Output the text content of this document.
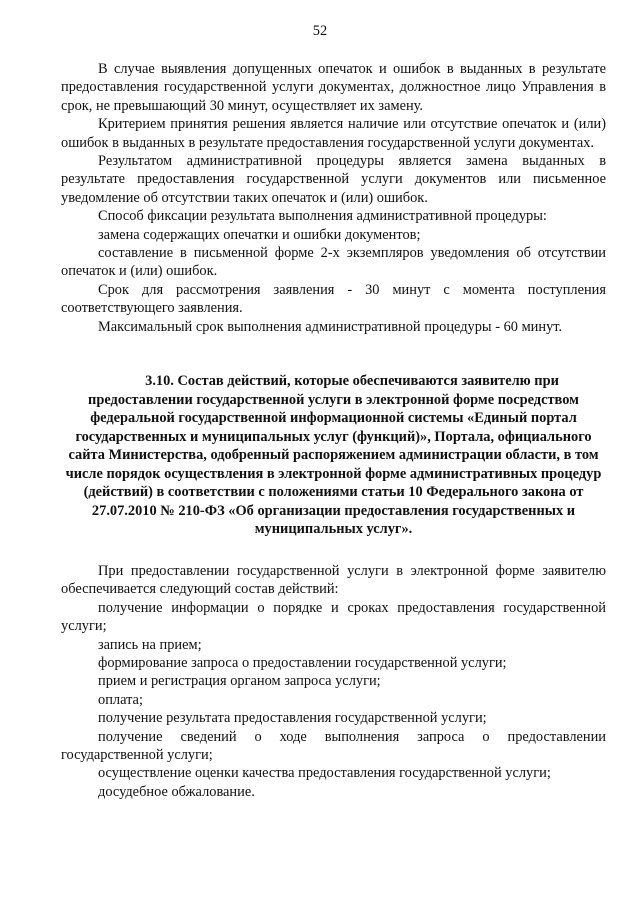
52

В случае выявления допущенных опечаток и ошибок в выданных в результате предоставления государственной услуги документах, должностное лицо Управления в срок, не превышающий 30 минут, осуществляет их замену.

Критерием принятия решения является наличие или отсутствие опечаток и (или) ошибок в выданных в результате предоставления государственной услуги документах.

Результатом административной процедуры является замена выданных в результате предоставления государственной услуги документов или письменное уведомление об отсутствии таких опечаток и (или) ошибок.

Способ фиксации результата выполнения административной процедуры:

замена содержащих опечатки и ошибки документов;

составление в письменной форме 2-х экземпляров уведомления об отсутствии опечаток и (или) ошибок.

Срок для рассмотрения заявления - 30 минут с момента поступления соответствующего заявления.

Максимальный срок выполнения административной процедуры - 60 минут.

3.10. Состав действий, которые обеспечиваются заявителю при предоставлении государственной услуги в электронной форме посредством федеральной государственной информационной системы «Единый портал государственных и муниципальных услуг (функций)», Портала, официального сайта Министерства, одобренный распоряжением администрации области, в том числе порядок осуществления в электронной форме административных процедур (действий) в соответствии с положениями статьи 10 Федерального закона от 27.07.2010 № 210-ФЗ «Об организации предоставления государственных и муниципальных услуг».

При предоставлении государственной услуги в электронной форме заявителю обеспечивается следующий состав действий:

получение информации о порядке и сроках предоставления государственной услуги;

запись на прием;

формирование запроса о предоставлении государственной услуги;

прием и регистрация органом запроса услуги;

оплата;

получение результата предоставления государственной услуги;

получение сведений о ходе выполнения запроса о предоставлении государственной услуги;

осуществление оценки качества предоставления государственной услуги;

досудебное обжалование.
